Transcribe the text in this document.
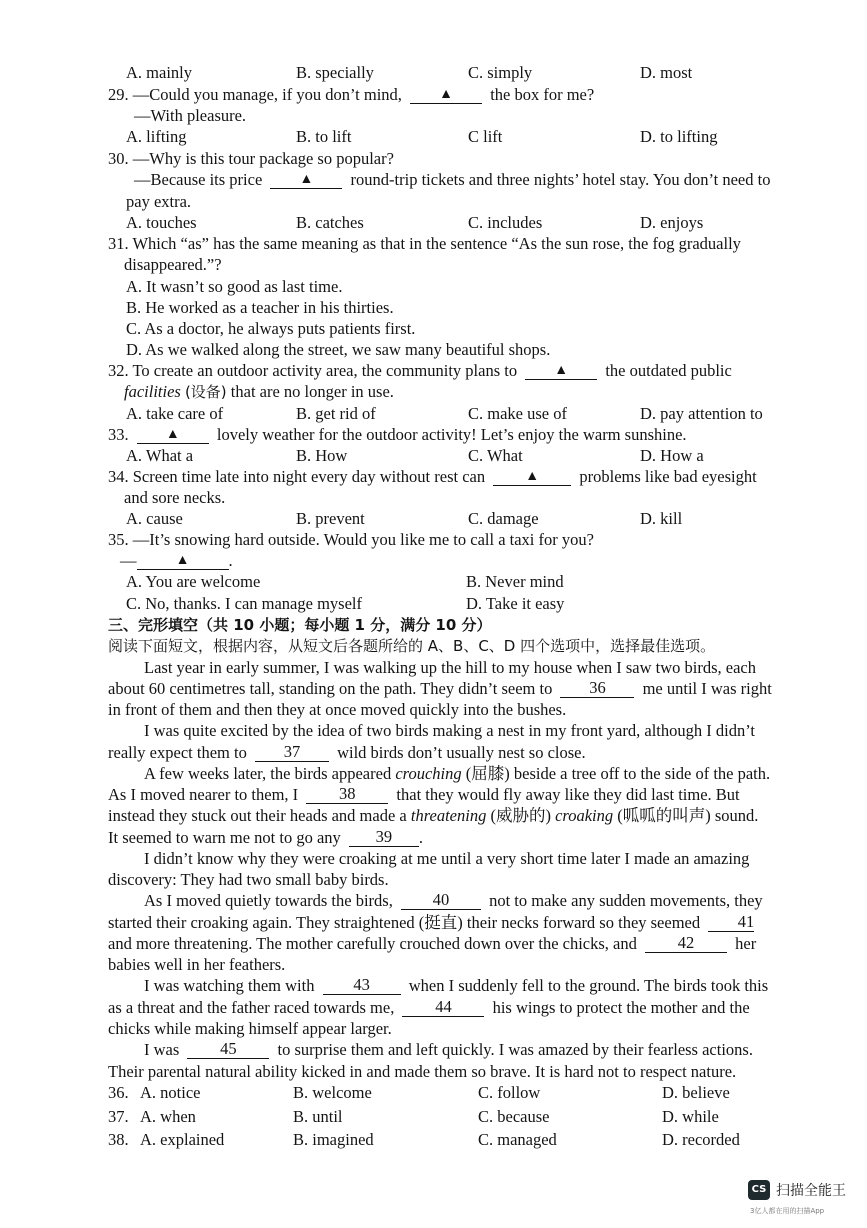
A. mainly	B. specially	C. simply	D. most
29. —Could you manage, if you don’t mind,	▲ the box for me?
—With pleasure.
A. lifting	B. to lift	C lift	D. to lifting
30. —Why is this tour package so popular?
—Because its price	▲ round-trip tickets and three nights’ hotel stay. You don’t need to
pay extra.
A. touches	B. catches	C. includes	D. enjoys
31. Which “as” has the same meaning as that in the sentence “As the sun rose, the fog gradually
disappeared.”?
A. It wasn’t so good as last time.
B. He worked as a teacher in his thirties.
C. As a doctor, he always puts patients first.
D. As we walked along the street, we saw many beautiful shops.
32. To create an outdoor activity area, the community plans to	▲ the outdated public
facilities (设备) that are no longer in use.
A. take care of	B. get rid of	C. make use of	D. pay attention to
33.	▲ lovely weather for the outdoor activity! Let’s enjoy the warm sunshine.
A. What a	B. How	C. What	D. How a
34. Screen time late into night every day without rest can	▲ problems like bad eyesight
and sore necks.
A. cause	B. prevent	C. damage	D. kill
35. —It’s snowing hard outside. Would you like me to call a taxi for you?
—	▲ .
A. You are welcome	B. Never mind
C. No, thanks. I can manage myself	D. Take it easy
三、完形填空（共 10 小题；每小题 1 分，满分 10 分）
阅读下面短文，根据内容，从短文后各题所给的 A、B、C、D 四个选项中，选择最佳选项。
Last year in early summer, I was walking up the hill to my house when I saw two birds, each
about 60 centimetres tall, standing on the path. They didn’t seem to 36 me until I was right
in front of them and then they at once moved quickly into the bushes.
I was quite excited by the idea of two birds making a nest in my front yard, although I didn’t
really expect them to 37 wild birds don’t usually nest so close.
A few weeks later, the birds appeared crouching (屈膝) beside a tree off to the side of the path.
As I moved nearer to them, I 38 that they would fly away like they did last time. But
instead they stuck out their heads and made a threatening (威胁的) croaking (呱呱的叫声) sound.
It seemed to warn me not to go any 39 .
I didn’t know why they were croaking at me until a very short time later I made an amazing
discovery: They had two small baby birds.
As I moved quietly towards the birds, 40 not to make any sudden movements, they
started their croaking again. They straightened (挺直) their necks forward so they seemed 41
and more threatening. The mother carefully crouched down over the chicks, and 42 her
babies well in her feathers.
I was watching them with 43 when I suddenly fell to the ground. The birds took this
as a threat and the father raced towards me, 44 his wings to protect the mother and the
chicks while making himself appear larger.
I was 45 to surprise them and left quickly. I was amazed by their fearless actions.
Their parental natural ability kicked in and made them so brave. It is hard not to respect nature.
36. A. notice	B. welcome	C. follow	D. believe
37. A. when	B. until	C. because	D. while
38. A. explained	B. imagined	C. managed	D. recorded
CS 扫描全能王
3亿人都在用的扫描App
